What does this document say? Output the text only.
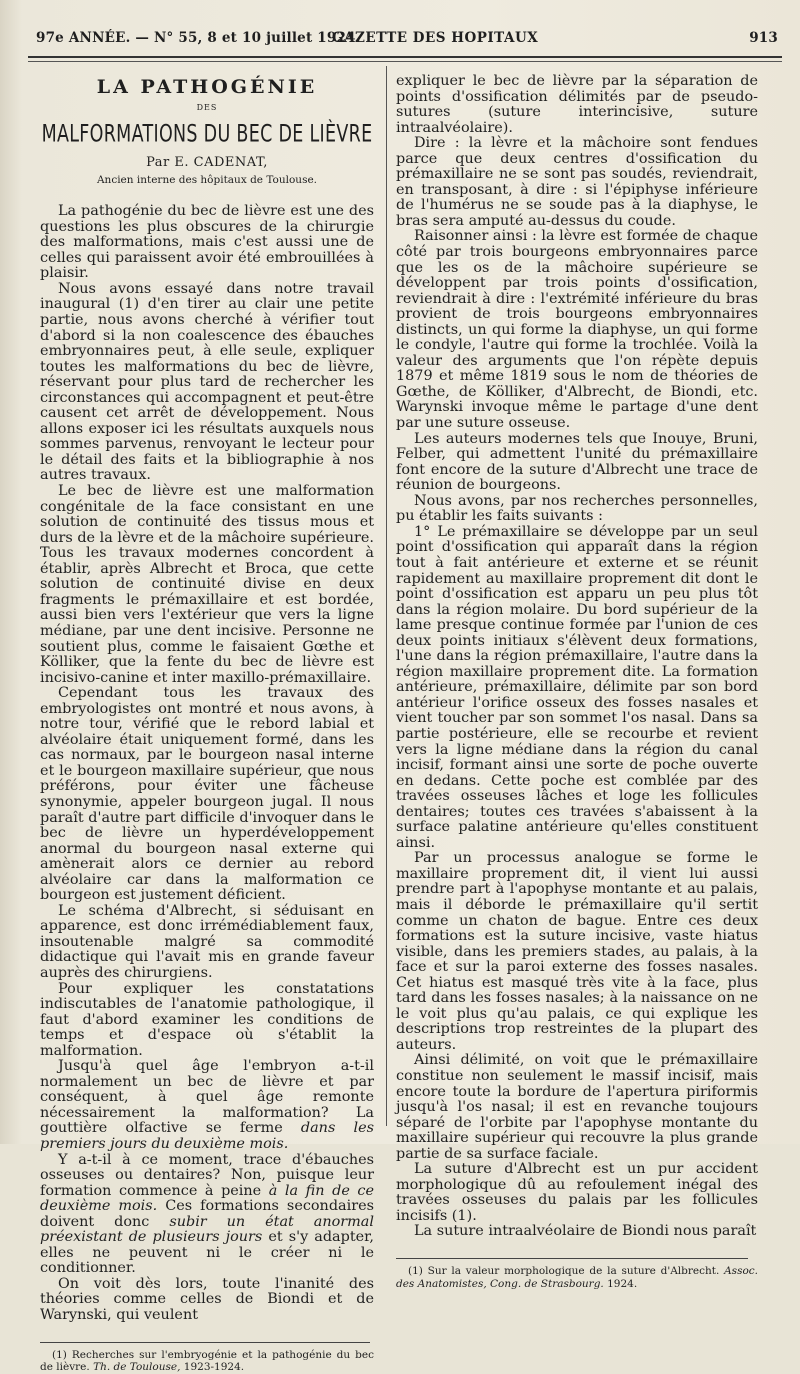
97e ANNÉE. — N° 55, 8 et 10 juillet 1924.
GAZETTE DES HOPITAUX	913
LA PATHOGÉNIE
DES
MALFORMATIONS DU BEC DE LIÈVRE
Par E. CADENAT,
Ancien interne des hôpitaux de Toulouse.

La pathogénie du bec de lièvre est une des questions les plus obscures de la chirurgie des malformations, mais c'est aussi une de celles qui paraissent avoir été embrouillées à plaisir.

Nous avons essayé dans notre travail inaugural (1) d'en tirer au clair une petite partie, nous avons cherché à vérifier tout d'abord si la non coalescence des ébauches embryonnaires peut, à elle seule, expliquer toutes les malformations du bec de lièvre, réservant pour plus tard de rechercher les circonstances qui accompagnent et peut-être causent cet arrêt de développement. Nous allons exposer ici les résultats auxquels nous sommes parvenus, renvoyant le lecteur pour le détail des faits et la bibliographie à nos autres travaux.

Le bec de lièvre est une malformation congénitale de la face consistant en une solution de continuité des tissus mous et durs de la lèvre et de la mâchoire supérieure. Tous les travaux modernes concordent à établir, après Albrecht et Broca, que cette solution de continuité divise en deux fragments le prémaxillaire et est bordée, aussi bien vers l'extérieur que vers la ligne médiane, par une dent incisive. Personne ne soutient plus, comme le faisaient Gœthe et Kölliker, que la fente du bec de lièvre est incisivo-canine et inter maxillo-prémaxillaire.

Cependant tous les travaux des embryologistes ont montré et nous avons, à notre tour, vérifié que le rebord labial et alvéolaire était uniquement formé, dans les cas normaux, par le bourgeon nasal interne et le bourgeon maxillaire supérieur, que nous préférons, pour éviter une fâcheuse synonymie, appeler bourgeon jugal. Il nous paraît d'autre part difficile d'invoquer dans le bec de lièvre un hyperdéveloppement anormal du bourgeon nasal externe qui amènerait alors ce dernier au rebord alvéolaire car dans la malformation ce bourgeon est justement déficient.

Le schéma d'Albrecht, si séduisant en apparence, est donc irrémédiablement faux, insoutenable malgré sa commodité didactique qui l'avait mis en grande faveur auprès des chirurgiens.

Pour expliquer les constatations indiscutables de l'anatomie pathologique, il faut d'abord examiner les conditions de temps et d'espace où s'établit la malformation.

Jusqu'à quel âge l'embryon a-t-il normalement un bec de lièvre et par conséquent, à quel âge remonte nécessairement la malformation? La gouttière olfactive se ferme dans les premiers jours du deuxième mois.

Y a-t-il à ce moment, trace d'ébauches osseuses ou dentaires? Non, puisque leur formation commence à peine à la fin de ce deuxième mois. Ces formations secondaires doivent donc subir un état anormal préexistant de plusieurs jours et s'y adapter, elles ne peuvent ni le créer ni le conditionner.

On voit dès lors, toute l'inanité des théories comme celles de Biondi et de Warynski, qui veulent

(1) Recherches sur l'embryogénie et la pathogénie du bec de lièvre. Th. de Toulouse, 1923-1924.

expliquer le bec de lièvre par la séparation de points d'ossification délimités par de pseudo-sutures (suture interincisive, suture intraalvéolaire).

Dire : la lèvre et la mâchoire sont fendues parce que deux centres d'ossification du prémaxillaire ne se sont pas soudés, reviendrait, en transposant, à dire : si l'épiphyse inférieure de l'humérus ne se soude pas à la diaphyse, le bras sera amputé au-dessus du coude.

Raisonner ainsi : la lèvre est formée de chaque côté par trois bourgeons embryonnaires parce que les os de la mâchoire supérieure se développent par trois points d'ossification, reviendrait à dire : l'extrémité inférieure du bras provient de trois bourgeons embryonnaires distincts, un qui forme la diaphyse, un qui forme le condyle, l'autre qui forme la trochlée. Voilà la valeur des arguments que l'on répète depuis 1879 et même 1819 sous le nom de théories de Gœthe, de Kölliker, d'Albrecht, de Biondi, etc. Warynski invoque même le partage d'une dent par une suture osseuse.

Les auteurs modernes tels que Inouye, Bruni, Felber, qui admettent l'unité du prémaxillaire font encore de la suture d'Albrecht une trace de réunion de bourgeons.

Nous avons, par nos recherches personnelles, pu établir les faits suivants :

1° Le prémaxillaire se développe par un seul point d'ossification qui apparaît dans la région tout à fait antérieure et externe et se réunit rapidement au maxillaire proprement dit dont le point d'ossification est apparu un peu plus tôt dans la région molaire. Du bord supérieur de la lame presque continue formée par l'union de ces deux points initiaux s'élèvent deux formations, l'une dans la région prémaxillaire, l'autre dans la région maxillaire proprement dite. La formation antérieure, prémaxillaire, délimite par son bord antérieur l'orifice osseux des fosses nasales et vient toucher par son sommet l'os nasal. Dans sa partie postérieure, elle se recourbe et revient vers la ligne médiane dans la région du canal incisif, formant ainsi une sorte de poche ouverte en dedans. Cette poche est comblée par des travées osseuses lâches et loge les follicules dentaires; toutes ces travées s'abaissent à la surface palatine antérieure qu'elles constituent ainsi.

Par un processus analogue se forme le maxillaire proprement dit, il vient lui aussi prendre part à l'apophyse montante et au palais, mais il déborde le prémaxillaire qu'il sertit comme un chaton de bague. Entre ces deux formations est la suture incisive, vaste hiatus visible, dans les premiers stades, au palais, à la face et sur la paroi externe des fosses nasales. Cet hiatus est masqué très vite à la face, plus tard dans les fosses nasales; à la naissance on ne le voit plus qu'au palais, ce qui explique les descriptions trop restreintes de la plupart des auteurs.

Ainsi délimité, on voit que le prémaxillaire constitue non seulement le massif incisif, mais encore toute la bordure de l'apertura piriformis jusqu'à l'os nasal; il est en revanche toujours séparé de l'orbite par l'apophyse montante du maxillaire supérieur qui recouvre la plus grande partie de sa surface faciale.

La suture d'Albrecht est un pur accident morphologique dû au refoulement inégal des travées osseuses du palais par les follicules incisifs (1).

La suture intraalvéolaire de Biondi nous paraît

(1) Sur la valeur morphologique de la suture d'Albrecht. Assoc. des Anatomistes, Cong. de Strasbourg. 1924.
